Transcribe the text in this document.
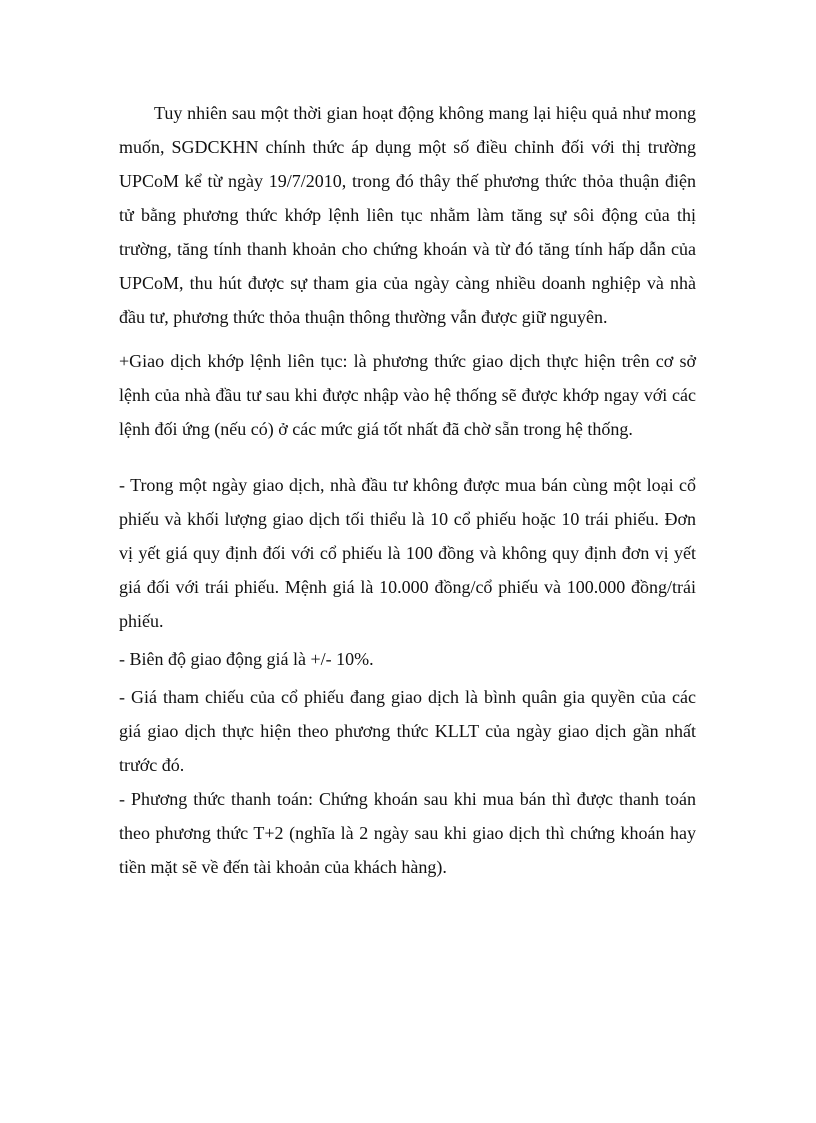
Tuy nhiên sau một thời gian hoạt động không mang lại hiệu quả như mong muốn, SGDCKHN chính thức áp dụng một số điều chỉnh đối với thị trường UPCoM kể từ ngày 19/7/2010, trong đó thây thế phương thức thỏa thuận điện tử bằng phương thức khớp lệnh liên tục nhằm làm tăng sự sôi động của thị trường, tăng tính thanh khoản cho chứng khoán và từ đó tăng tính hấp dẫn của UPCoM, thu hút được sự tham gia của ngày càng nhiều doanh nghiệp và nhà đầu tư, phương thức thỏa thuận thông thường vẫn được giữ nguyên.

+Giao dịch khớp lệnh liên tục: là phương thức giao dịch thực hiện trên cơ sở lệnh của nhà đầu tư sau khi được nhập vào hệ thống sẽ được khớp ngay với các lệnh đối ứng (nếu có) ở các mức giá tốt nhất đã chờ sẵn trong hệ thống.

- Trong một ngày giao dịch, nhà đầu tư không được mua bán cùng một loại cổ phiếu và khối lượng giao dịch tối thiểu là 10 cổ phiếu hoặc 10 trái phiếu. Đơn vị yết giá quy định đối với cổ phiếu là 100 đồng và không quy định đơn vị yết giá đối với trái phiếu. Mệnh giá là 10.000 đồng/cổ phiếu và 100.000 đồng/trái phiếu.

- Biên độ giao động giá là +/- 10%.

- Giá tham chiếu của cổ phiếu đang giao dịch là bình quân gia quyền của các giá giao dịch thực hiện theo phương thức KLLT của ngày giao dịch gần nhất trước đó.

- Phương thức thanh toán: Chứng khoán sau khi mua bán thì được thanh toán theo phương thức T+2 (nghĩa là 2 ngày sau khi giao dịch thì chứng khoán hay tiền mặt sẽ về đến tài khoản của khách hàng).
